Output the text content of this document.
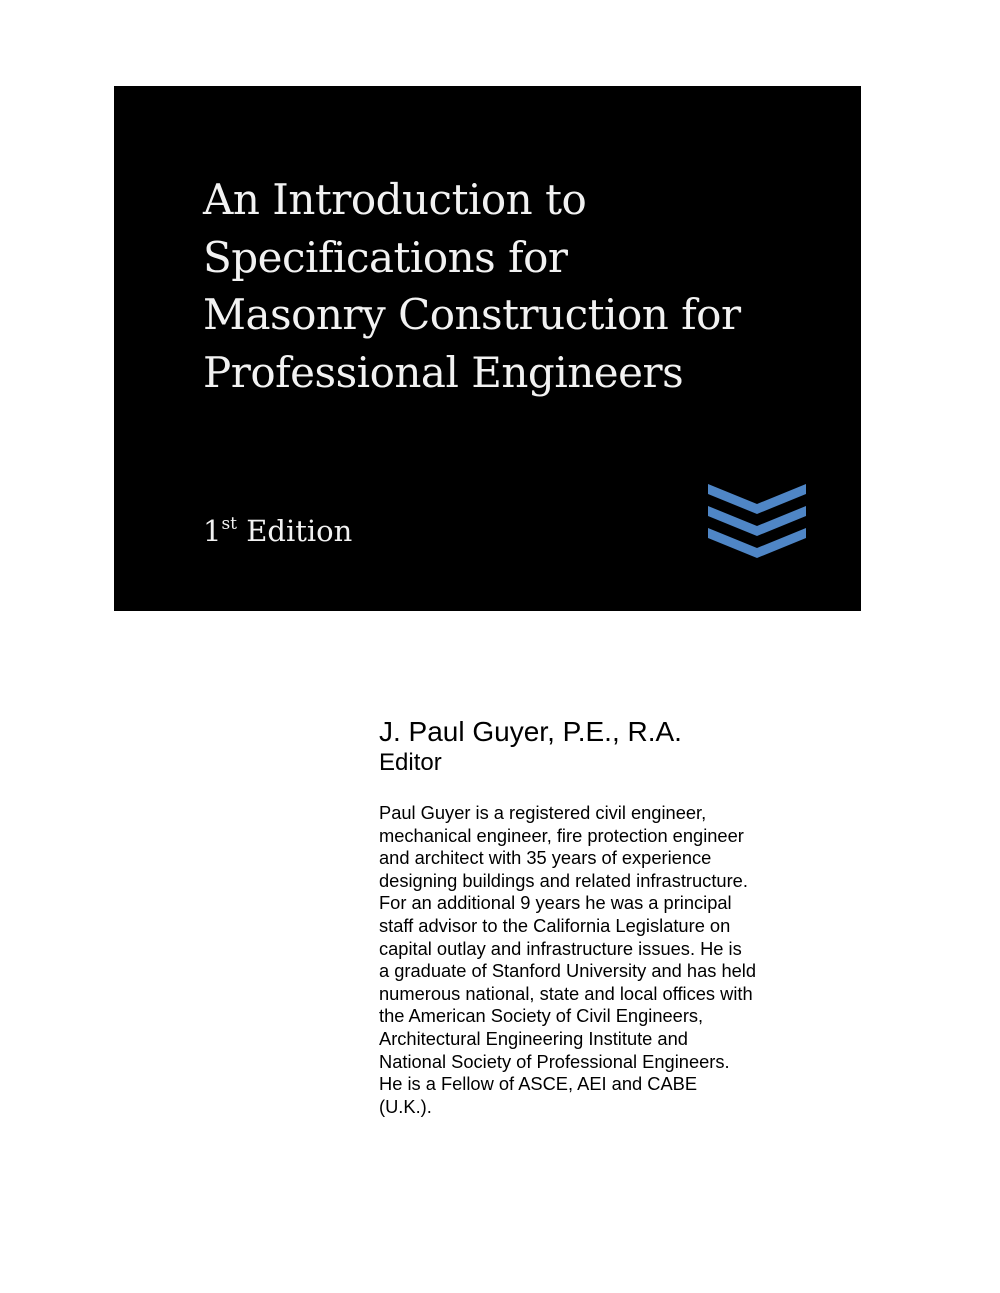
An Introduction to
Specifications for
Masonry Construction for
Professional Engineers
1st Edition
J. Paul Guyer, P.E., R.A.
Editor

Paul Guyer is a registered civil engineer,
mechanical engineer, fire protection engineer
and architect with 35 years of experience
designing buildings and related infrastructure.
For an additional 9 years he was a principal
staff advisor to the California Legislature on
capital outlay and infrastructure issues. He is
a graduate of Stanford University and has held
numerous national, state and local offices with
the American Society of Civil Engineers,
Architectural Engineering Institute and
National Society of Professional Engineers.
He is a Fellow of ASCE, AEI and CABE
(U.K.).
